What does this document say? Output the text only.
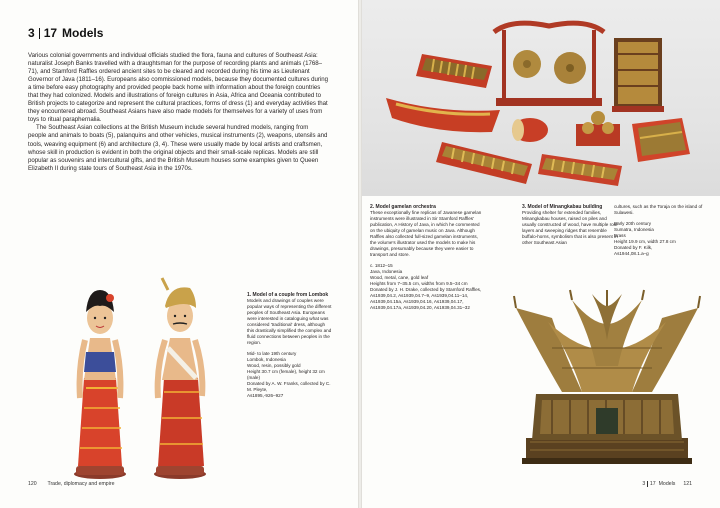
3 17 Models

Various colonial governments and individual officials studied the flora, fauna and cultures of Southeast Asia: naturalist Joseph Banks travelled with a draughtsman for the purpose of recording plants and animals (1768–71), and Stamford Raffles ordered ancient sites to be cleared and recorded during his time as Lieutenant Governor of Java (1811–16). Europeans also commissioned models, because they documented cultures during a time before easy photography and provided people back home with information about the foreign countries that they had colonized. Models and illustrations of foreign cultures in Asia, Africa and Oceania contributed to British projects to categorize and represent the cultural practices, forms of dress (1) and everyday activities that they encountered abroad. Southeast Asians have also made models for themselves for a variety of uses from toys to ritual paraphernalia.

The Southeast Asian collections at the British Museum include several hundred models, ranging from people and animals to boats (5), palanquins and other vehicles, musical instruments (2), weapons, utensils and tools, weaving equipment (6) and architecture (3, 4). These were usually made by local artists and craftsmen, whose skill in production is evident in both the original objects and their small-scale replicas. Models are still popular as souvenirs and intercultural gifts, and the British Museum houses some examples given to Queen Elizabeth II during state tours of Southeast Asia in the 1970s.

1. Model of a couple from Lombok

Models and drawings of couples were popular ways of representing the different peoples of Southeast Asia. Europeans were interested in cataloguing what was considered 'traditional' dress, although this drastically simplified the complex and fluid connections between peoples in the region.

Mid- to late 19th century
Lombok, Indonesia
Wood, resin, possibly gold
Height 30.7 cm (female), height 32 cm (male)
Donated by A. W. Franks, collected by C. M. Pleyte,
As1895,-926–927

120 Trade, diplomacy and empire

2. Model gamelan orchestra

These exceptionally fine replicas of Javanese gamelan instruments were illustrated in Sir Stamford Raffles' publication, A History of Java, in which he commented on the ubiquity of gamelan music on Java. Although Raffles also collected full-sized gamelan instruments, the volume's illustrator used the models to make his drawings, presumably because they were easier to transport and store.

c. 1812–15
Java, Indonesia
Wood, metal, cane, gold leaf
Heights from 7–35.5 cm, widths from 9.5–34 cm
Donated by J. H. Drake, collected by Stamford Raffles, As1939,04.2, As1939,04.7–9, As1939,04.11–14, As1939,04.15a, As1939,04.16, As1939,04.17, As1939,04.17a, As1939,04.20, As1939,04.31–32

3. Model of Minangkabau building

Providing shelter for extended families, Minangkabau houses, raised on piles and usually constructed of wood, have multiple roof layers and sweeping ridges that resemble buffalo-horns, symbolism that is also present in other Southeast Asian

cultures, such as the Toraja on the island of Sulawesi.

Early 20th century
Sumatra, Indonesia
Brass
Height 19.9 cm, width 27.8 cm
Donated by F. Kilk,
As1944,08.1.a–g

3 17 Models 121
